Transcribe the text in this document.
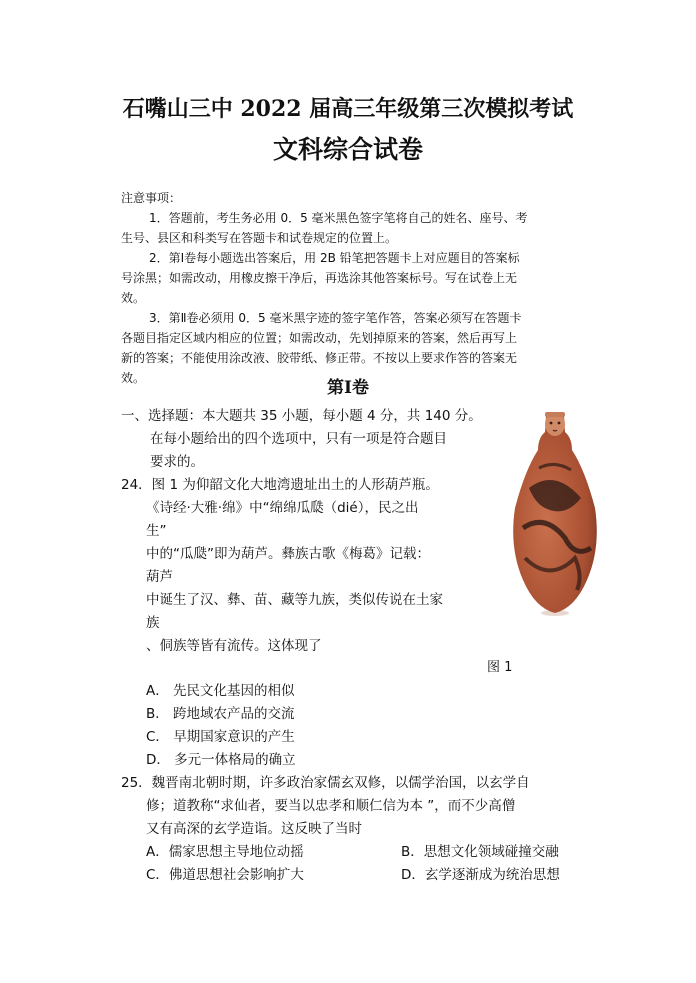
石嘴山三中 2022 届高三年级第三次模拟考试
文科综合试卷

注意事项：

1．答题前，考生务必用 0．5 毫米黑色签字笔将自己的姓名、座号、考

生号、县区和科类写在答题卡和试卷规定的位置上。

2．第Ⅰ卷每小题选出答案后，用 2B 铅笔把答题卡上对应题目的答案标

号涂黑；如需改动，用橡皮擦干净后，再选涂其他答案标号。写在试卷上无

效。

3．第Ⅱ卷必须用 0．5 毫米黑字迹的签字笔作答，答案必须写在答题卡

各题目指定区域内相应的位置；如需改动，先划掉原来的答案，然后再写上

新的答案；不能使用涂改液、胶带纸、修正带。不按以上要求作答的答案无

效。	第Ⅰ卷
一、选择题：本大题共 35 小题，每小题 4 分，共 140 分。
在每小题给出的四个选项中，只有一项是符合题目
要求的。
24．图 1 为仰韶文化大地湾遗址出土的人形葫芦瓶。
《诗经·大雅·绵》中“绵绵瓜瓞（dié），民之出
生”
中的“瓜瓞”即为葫芦。彝族古歌《梅葛》记载：
葫芦
中诞生了汉、彝、苗、藏等九族，类似传说在土家
族
、侗族等皆有流传。这体现了
A． 先民文化基因的相似
B． 跨地域农产品的交流
C． 早期国家意识的产生
D． 多元一体格局的确立
图 1
25．魏晋南北朝时期，许多政治家儒玄双修，以儒学治国，以玄学自
修；道教称“求仙者，要当以忠孝和顺仁信为本 ”，而不少高僧
又有高深的玄学造诣。这反映了当时
A．儒家思想主导地位动摇	B．思想文化领域碰撞交融
C．佛道思想社会影响扩大	D．玄学逐渐成为统治思想
